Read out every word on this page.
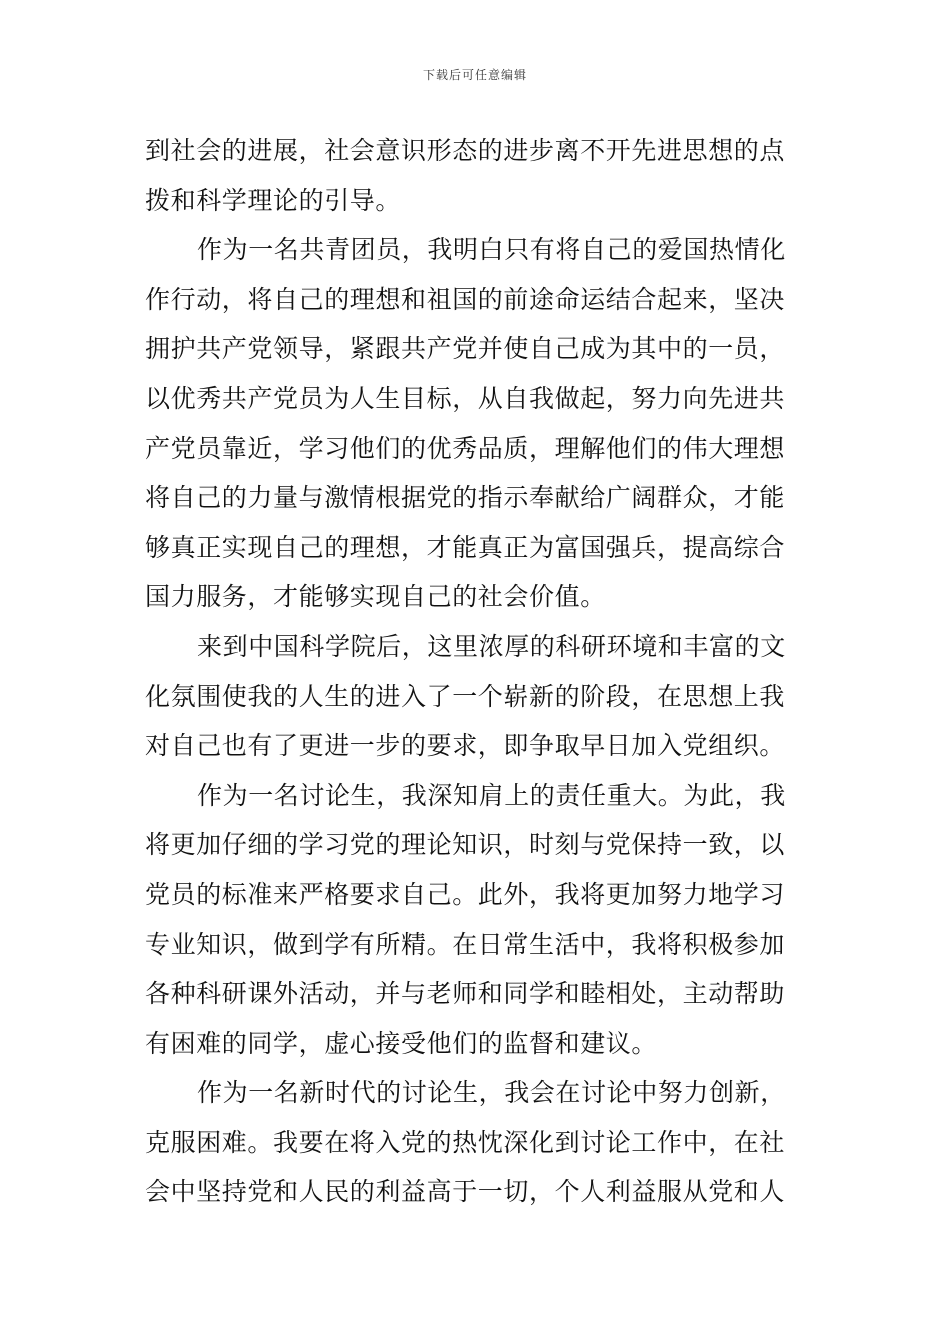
下载后可任意编辑
到社会的进展，社会意识形态的进步离不开先进思想的点
拨和科学理论的引导。
作为一名共青团员，我明白只有将自己的爱国热情化
作行动，将自己的理想和祖国的前途命运结合起来，坚决
拥护共产党领导，紧跟共产党并使自己成为其中的一员，
以优秀共产党员为人生目标，从自我做起，努力向先进共
产党员靠近，学习他们的优秀品质，理解他们的伟大理想
将自己的力量与激情根据党的指示奉献给广阔群众，才能
够真正实现自己的理想，才能真正为富国强兵，提高综合
国力服务，才能够实现自己的社会价值。
来到中国科学院后，这里浓厚的科研环境和丰富的文
化氛围使我的人生的进入了一个崭新的阶段，在思想上我
对自己也有了更进一步的要求，即争取早日加入党组织。
作为一名讨论生，我深知肩上的责任重大。为此，我
将更加仔细的学习党的理论知识，时刻与党保持一致，以
党员的标准来严格要求自己。此外，我将更加努力地学习
专业知识，做到学有所精。在日常生活中，我将积极参加
各种科研课外活动，并与老师和同学和睦相处，主动帮助
有困难的同学，虚心接受他们的监督和建议。
作为一名新时代的讨论生，我会在讨论中努力创新，
克服困难。我要在将入党的热忱深化到讨论工作中，在社
会中坚持党和人民的利益高于一切，个人利益服从党和人
